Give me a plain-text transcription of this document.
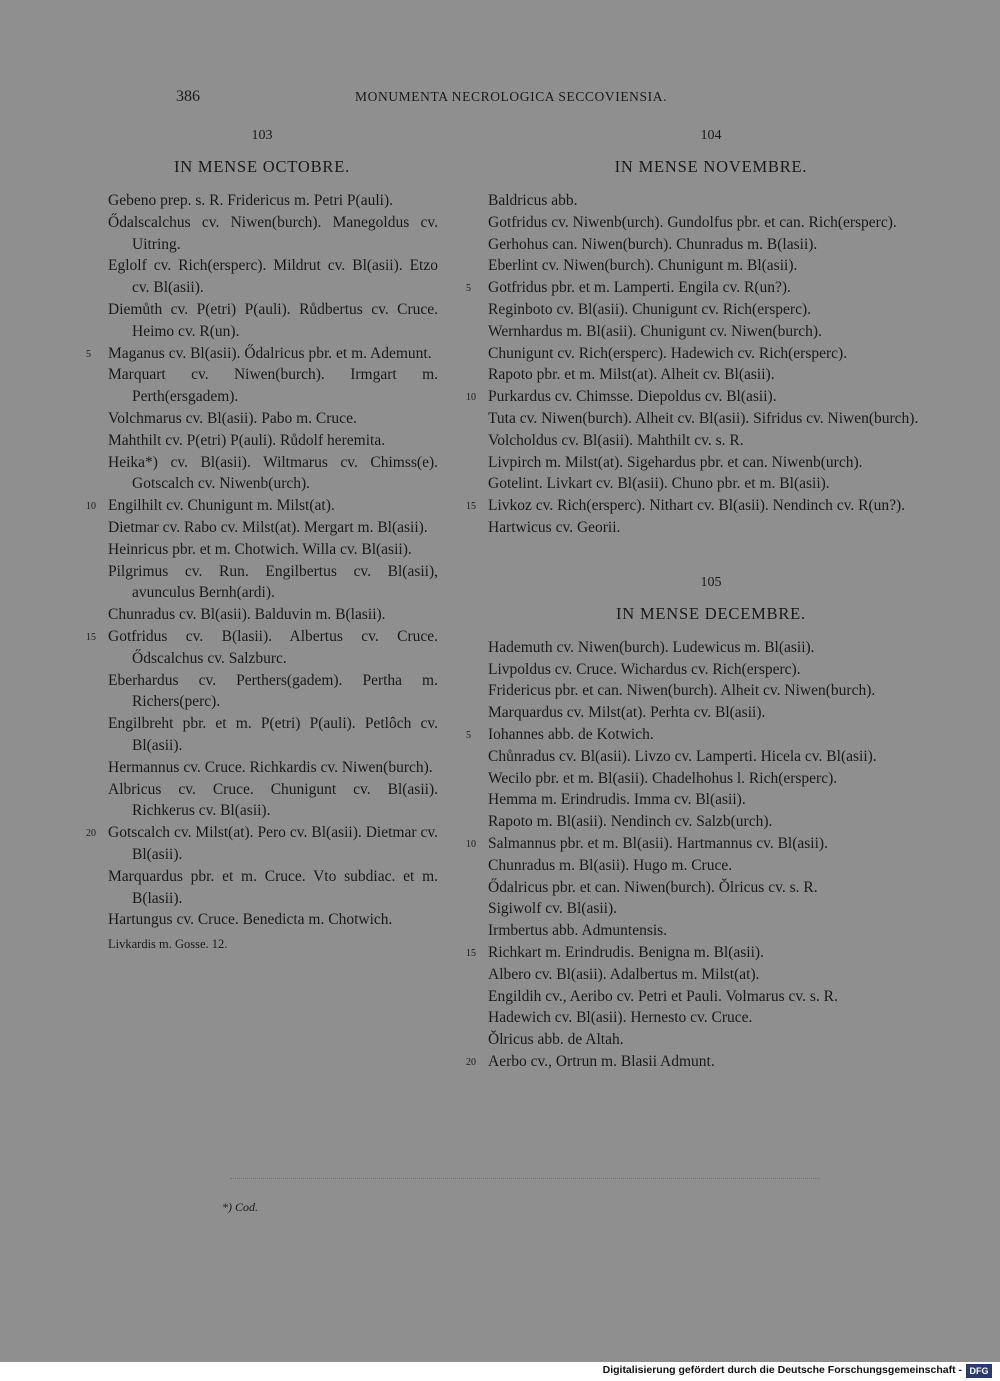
386	MONUMENTA NECROLOGICA SECCOVIENSIA.
103
IN MENSE OCTOBRE.
Gebeno prep. s. R. Fridericus m. Petri P(auli).
Ődalscalchus cv. Niwen(burch). Manegoldus cv. Uitring.
Eglolf cv. Rich(ersperc). Mildrut cv. Bl(asii). Etzo cv. Bl(asii).
Diemůth cv. P(etri) P(auli). Růdbertus cv. Cruce. Heimo cv. R(un).
5 Maganus cv. Bl(asii). Ődalricus pbr. et m. Ademunt.
Marquart cv. Niwen(burch). Irmgart m. Perth(ersgadem).
Volchmarus cv. Bl(asii). Pabo m. Cruce.
Mahthilt cv. P(etri) P(auli). Růdolf heremita.
Heika*) cv. Bl(asii). Wiltmarus cv. Chimss(e). Gotscalch cv. Niwenb(urch).
10 Engilhilt cv. Chunigunt m. Milst(at).
Dietmar cv. Rabo cv. Milst(at). Mergart m. Bl(asii).
Heinricus pbr. et m. Chotwich. Willa cv. Bl(asii).
Pilgrimus cv. Run. Engilbertus cv. Bl(asii), avunculus Bernh(ardi).
Chunradus cv. Bl(asii). Balduvin m. B(lasii).
15 Gotfridus cv. B(lasii). Albertus cv. Cruce. Ődscalchus cv. Salzburc.
Eberhardus cv. Perthers(gadem). Pertha m. Richers(perc).
Engilbreht pbr. et m. P(etri) P(auli). Petlôch cv. Bl(asii).
Hermannus cv. Cruce. Richkardis cv. Niwen(burch).
Albricus cv. Cruce. Chunigunt cv. Bl(asii). Richkerus cv. Bl(asii).
20 Gotscalch cv. Milst(at). Pero cv. Bl(asii). Dietmar cv. Bl(asii).
Marquardus pbr. et m. Cruce. Vto subdiac. et m. B(lasii).
Hartungus cv. Cruce. Benedicta m. Chotwich.
Livkardis m. Gosse. 12.
104
IN MENSE NOVEMBRE.
Baldricus abb.
Gotfridus cv. Niwenb(urch). Gundolfus pbr. et can. Rich(ersperc).
Gerhohus can. Niwen(burch). Chunradus m. B(lasii).
Eberlint cv. Niwen(burch). Chunigunt m. Bl(asii).
5 Gotfridus pbr. et m. Lamperti. Engila cv. R(un?).
Reginboto cv. Bl(asii). Chunigunt cv. Rich(ersperc).
Wernhardus m. Bl(asii). Chunigunt cv. Niwen(burch).
Chunigunt cv. Rich(ersperc). Hadewich cv. Rich(ersperc).
Rapoto pbr. et m. Milst(at). Alheit cv. Bl(asii).
10 Purkardus cv. Chimsse. Diepoldus cv. Bl(asii).
Tuta cv. Niwen(burch). Alheit cv. Bl(asii). Sifridus cv. Niwen(burch).
Volcholdus cv. Bl(asii). Mahthilt cv. s. R.
Livpirch m. Milst(at). Sigehardus pbr. et can. Niwenb(urch).
Gotelint. Livkart cv. Bl(asii). Chuno pbr. et m. Bl(asii).
15 Livkoz cv. Rich(ersperc). Nithart cv. Bl(asii). Nendinch cv. R(un?).
Hartwicus cv. Georii.
105
IN MENSE DECEMBRE.
Hademuth cv. Niwen(burch). Ludewicus m. Bl(asii).
Livpoldus cv. Cruce. Wichardus cv. Rich(ersperc).
Fridericus pbr. et can. Niwen(burch). Alheit cv. Niwen(burch).
Marquardus cv. Milst(at). Perhta cv. Bl(asii).
5 Iohannes abb. de Kotwich.
Chůnradus cv. Bl(asii). Livzo cv. Lamperti. Hicela cv. Bl(asii).
Wecilo pbr. et m. Bl(asii). Chadelhohus l. Rich(ersperc).
Hemma m. Erindrudis. Imma cv. Bl(asii).
Rapoto m. Bl(asii). Nendinch cv. Salzb(urch).
10 Salmannus pbr. et m. Bl(asii). Hartmannus cv. Bl(asii).
Chunradus m. Bl(asii). Hugo m. Cruce.
Ődalricus pbr. et can. Niwen(burch). Ŏlricus cv. s. R.
Sigiwolf cv. Bl(asii).
Irmbertus abb. Admuntensis.
15 Richkart m. Erindrudis. Benigna m. Bl(asii).
Albero cv. Bl(asii). Adalbertus m. Milst(at).
Engildih cv., Aeribo cv. Petri et Pauli. Volmarus cv. s. R.
Hadewich cv. Bl(asii). Hernesto cv. Cruce.
Ŏlricus abb. de Altah.
20 Aerbo cv., Ortrun m. Blasii Admunt.
*) Cod.
Digitalisierung gefördert durch die Deutsche Forschungsgemeinschaft - DFG
